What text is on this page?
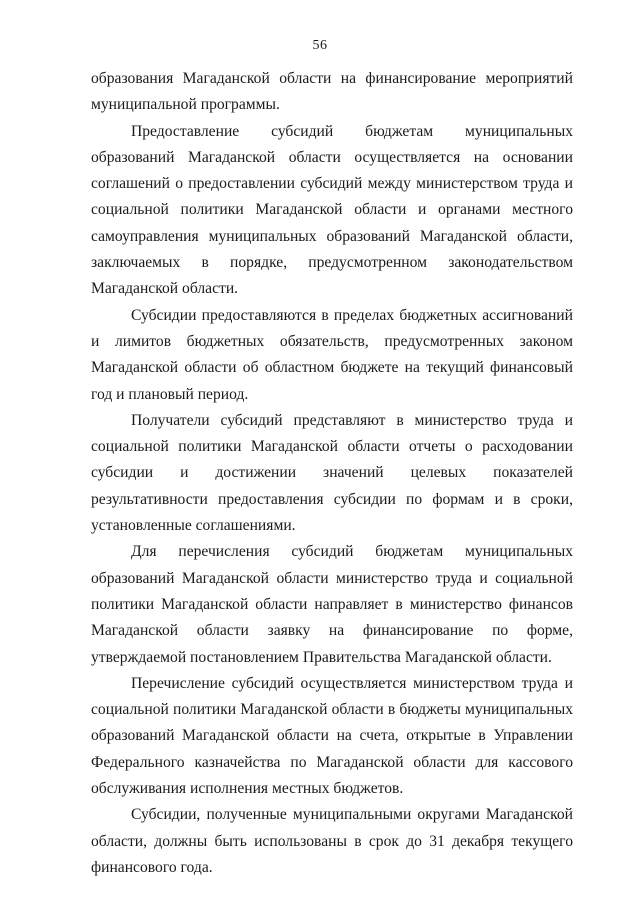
56

образования Магаданской области на финансирование мероприятий муниципальной программы.

Предоставление субсидий бюджетам муниципальных образований Магаданской области осуществляется на основании соглашений о предоставлении субсидий между министерством труда и социальной политики Магаданской области и органами местного самоуправления муниципальных образований Магаданской области, заключаемых в порядке, предусмотренном законодательством Магаданской области.

Субсидии предоставляются в пределах бюджетных ассигнований и лимитов бюджетных обязательств, предусмотренных законом Магаданской области об областном бюджете на текущий финансовый год и плановый период.

Получатели субсидий представляют в министерство труда и социальной политики Магаданской области отчеты о расходовании субсидии и достижении значений целевых показателей результативности предоставления субсидии по формам и в сроки, установленные соглашениями.

Для перечисления субсидий бюджетам муниципальных образований Магаданской области министерство труда и социальной политики Магаданской области направляет в министерство финансов Магаданской области заявку на финансирование по форме, утверждаемой постановлением Правительства Магаданской области.

Перечисление субсидий осуществляется министерством труда и социальной политики Магаданской области в бюджеты муниципальных образований Магаданской области на счета, открытые в Управлении Федерального казначейства по Магаданской области для кассового обслуживания исполнения местных бюджетов.

Субсидии, полученные муниципальными округами Магаданской области, должны быть использованы в срок до 31 декабря текущего финансового года.
